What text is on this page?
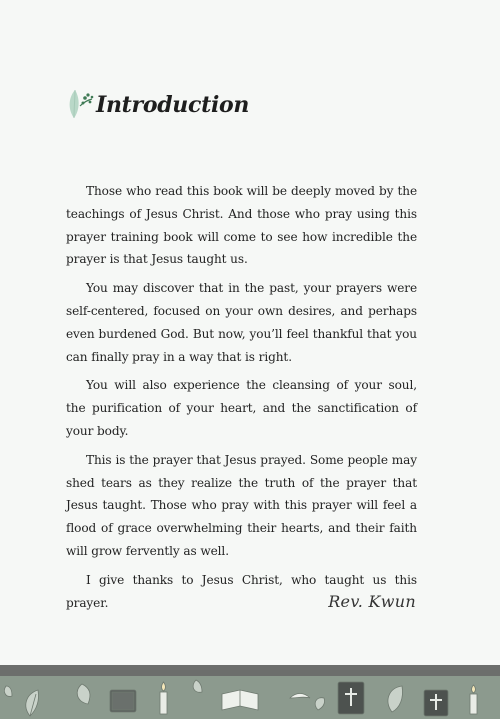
Introduction

Those who read this book will be deeply moved by the teachings of Jesus Christ. And those who pray using this prayer training book will come to see how incredible the prayer is that Jesus taught us.

You may discover that in the past, your prayers were self-centered, focused on your own desires, and perhaps even burdened God. But now, you’ll feel thankful that you can finally pray in a way that is right.

You will also experience the cleansing of your soul, the purification of your heart, and the sanctification of your body.

This is the prayer that Jesus prayed. Some people may shed tears as they realize the truth of the prayer that Jesus taught. Those who pray with this prayer will feel a flood of grace overwhelming their hearts, and their faith will grow fervently as well.

I give thanks to Jesus Christ, who taught us this prayer.	Rev. Kwun
